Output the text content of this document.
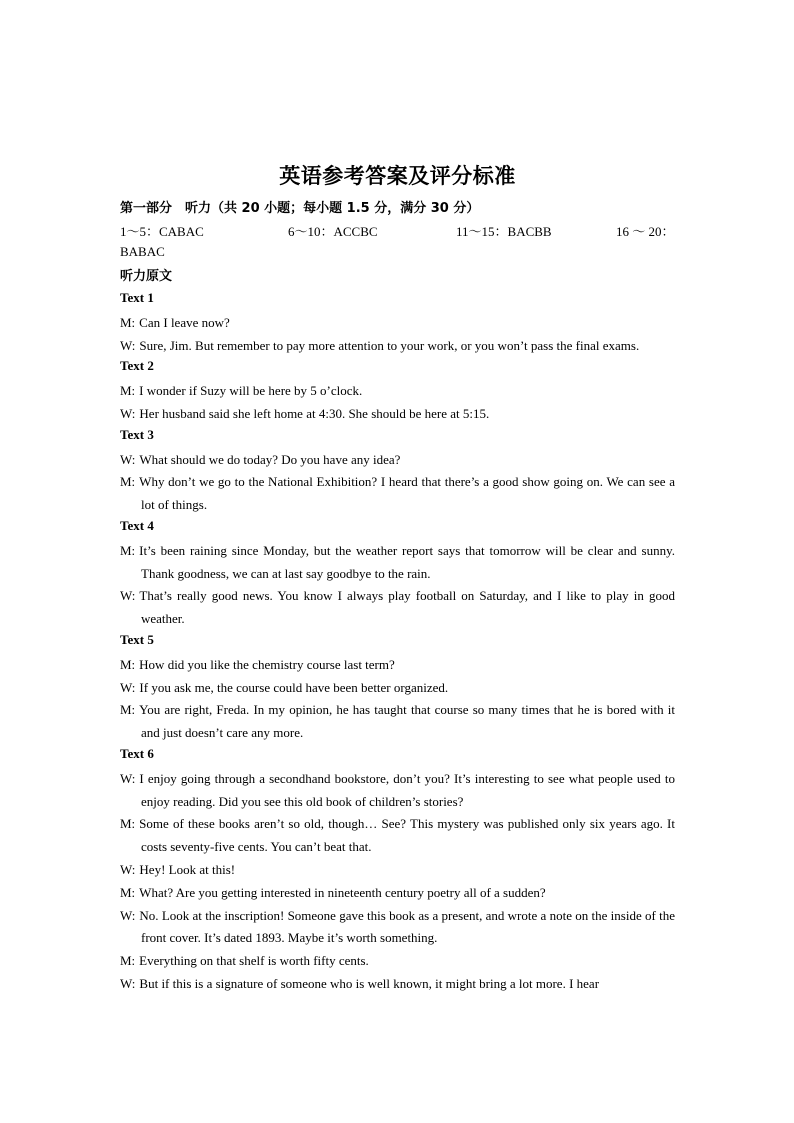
英语参考答案及评分标准
第一部分　听力（共 20 小题；每小题 1.5 分，满分 30 分）
1～5：CABAC	6～10：ACCBC	11～15：BACBB	16 ～ 20：
BABAC
听力原文
Text 1
M: Can I leave now?
W: Sure, Jim. But remember to pay more attention to your work, or you won’t pass the final exams.
Text 2
M: I wonder if Suzy will be here by 5 o’clock.
W: Her husband said she left home at 4:30. She should be here at 5:15.
Text 3
W: What should we do today? Do you have any idea?
M: Why don’t we go to the National Exhibition? I heard that there’s a good show going on. We can see a lot of things.
Text 4
M: It’s been raining since Monday, but the weather report says that tomorrow will be clear and sunny. Thank goodness, we can at last say goodbye to the rain.
W: That’s really good news. You know I always play football on Saturday, and I like to play in good weather.
Text 5
M: How did you like the chemistry course last term?
W: If you ask me, the course could have been better organized.
M: You are right, Freda. In my opinion, he has taught that course so many times that he is bored with it and just doesn’t care any more.
Text 6
W: I enjoy going through a secondhand bookstore, don’t you? It’s interesting to see what people used to enjoy reading. Did you see this old book of children’s stories?
M: Some of these books aren’t so old, though… See? This mystery was published only six years ago. It costs seventy-five cents. You can’t beat that.
W: Hey! Look at this!
M: What? Are you getting interested in nineteenth century poetry all of a sudden?
W: No. Look at the inscription! Someone gave this book as a present, and wrote a note on the inside of the front cover. It’s dated 1893. Maybe it’s worth something.
M: Everything on that shelf is worth fifty cents.
W: But if this is a signature of someone who is well known, it might bring a lot more. I hear
